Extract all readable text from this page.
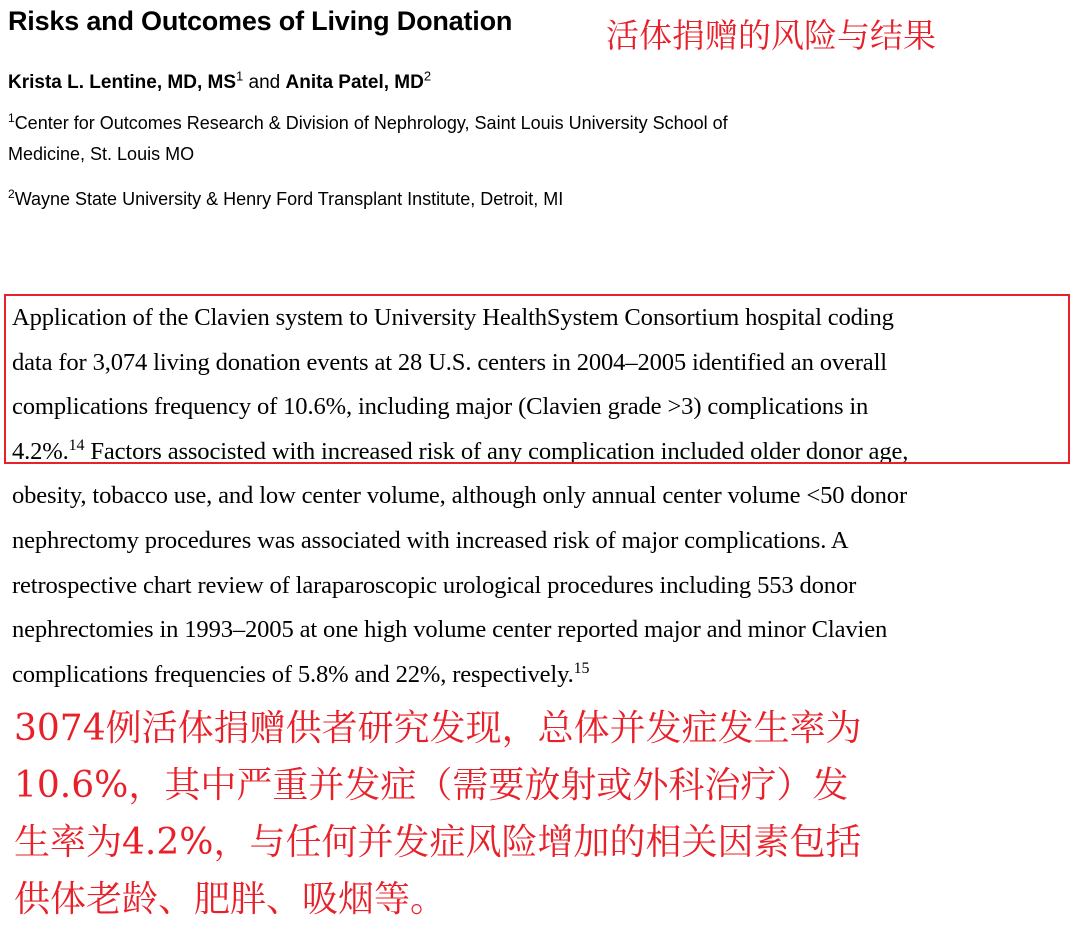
Risks and Outcomes of Living Donation	活体捐赠的风险与结果
Krista L. Lentine, MD, $MS^1$ and Anita Patel, $MD^2$
$^1$Center for Outcomes Research & Division of Nephrology, Saint Louis University School of
Medicine, St. Louis MO
$^2$Wayne State University & Henry Ford Transplant Institute, Detroit, MI
Application of the Clavien system to University HealthSystem Consortium hospital coding
data for 3,074 living donation events at 28 U.S. centers in 2004–2005 identified an overall
complications frequency of 10.6%, including major (Clavien grade >3) complications in
4.2%.$^{14}$ Factors associsted with increased risk of any complication included older donor age,
obesity, tobacco use, and low center volume, although only annual center volume <50 donor
nephrectomy procedures was associated with increased risk of major complications. A
retrospective chart review of laraparoscopic urological procedures including 553 donor
nephrectomies in 1993–2005 at one high volume center reported major and minor Clavien
complications frequencies of 5.8% and 22%, respectively.$^{15}$
3074例活体捐赠供者研究发现，总体并发症发生率为
10.6%，其中严重并发症（需要放射或外科治疗）发
生率为4.2%，与任何并发症风险增加的相关因素包括
供体老龄、肥胖、吸烟等。
